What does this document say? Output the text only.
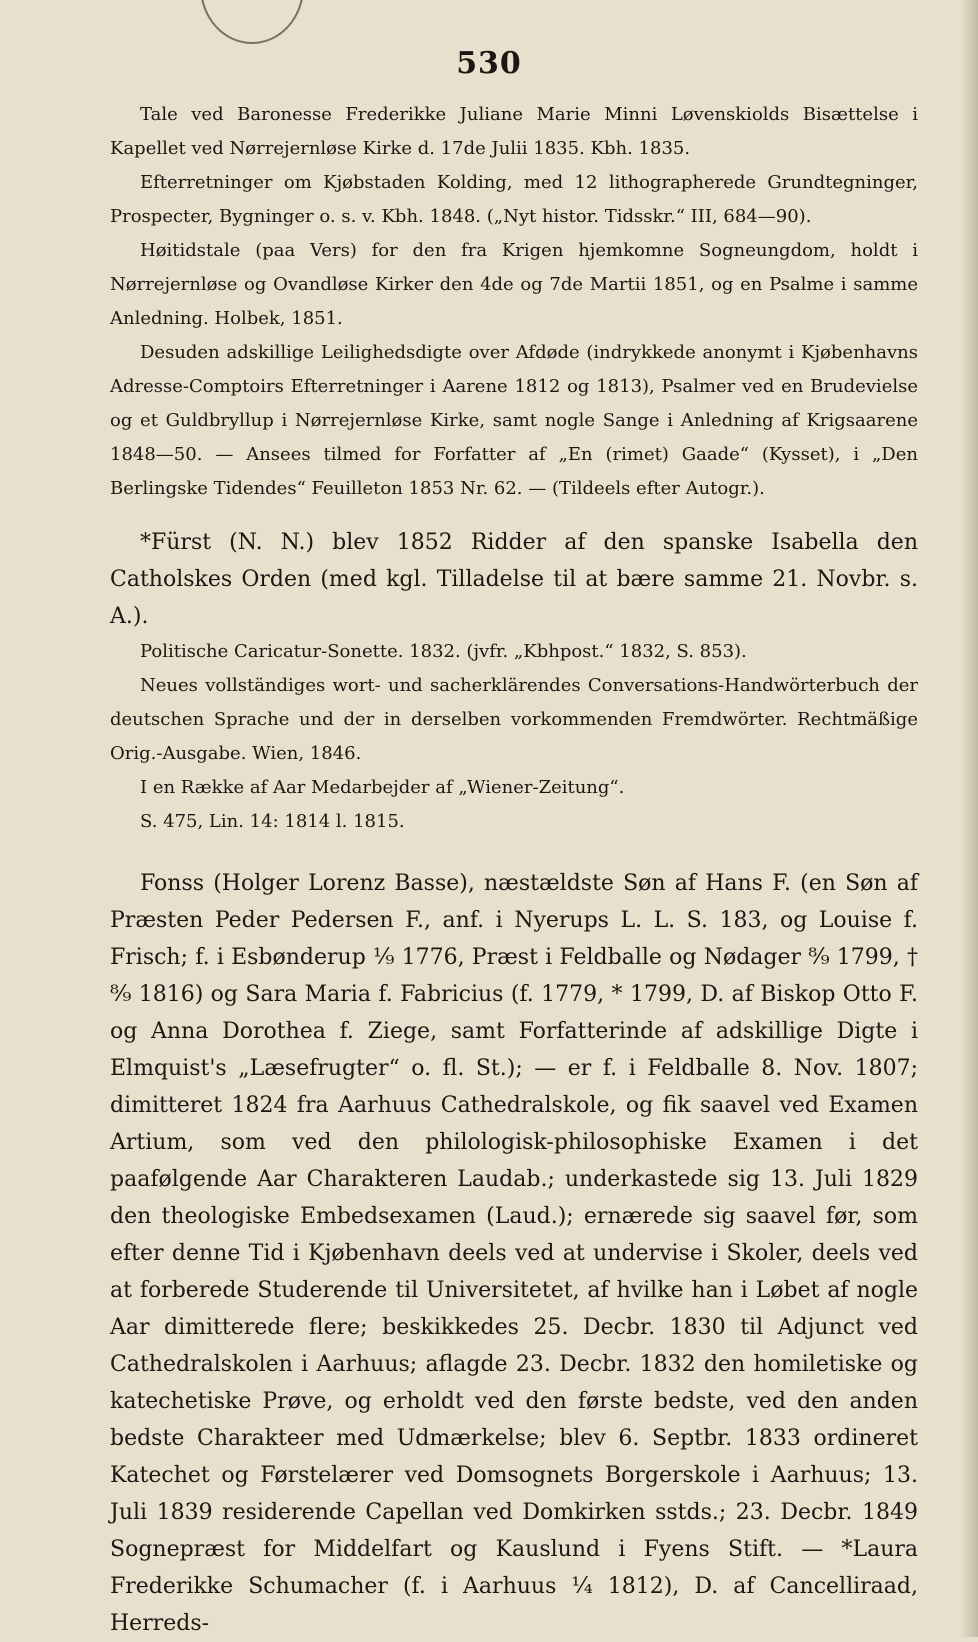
530

Tale ved Baronesse Frederikke Juliane Marie Minni Løvenskiolds Bisættelse i Kapellet ved Nørrejernløse Kirke d. 17de Julii 1835. Kbh. 1835.

Efterretninger om Kjøbstaden Kolding, med 12 lithographerede Grundtegninger, Prospecter, Bygninger o. s. v. Kbh. 1848. („Nyt histor. Tidsskr.“ III, 684—90).

Høitidstale (paa Vers) for den fra Krigen hjemkomne Sogneungdom, holdt i Nørrejernløse og Ovandløse Kirker den 4de og 7de Martii 1851, og en Psalme i samme Anledning. Holbek, 1851.

Desuden adskillige Leilighedsdigte over Afdøde (indrykkede anonymt i Kjøbenhavns Adresse-Comptoirs Efterretninger i Aarene 1812 og 1813), Psalmer ved en Brudevielse og et Guldbryllup i Nørrejernløse Kirke, samt nogle Sange i Anledning af Krigsaarene 1848—50. — Ansees tilmed for Forfatter af „En (rimet) Gaade“ (Kysset), i „Den Berlingske Tidendes“ Feuilleton 1853 Nr. 62. — (Tildeels efter Autogr.).

*Fürst (N. N.) blev 1852 Ridder af den spanske Isabella den Catholskes Orden (med kgl. Tilladelse til at bære samme 21. Novbr. s. A.).

Politische Caricatur-Sonette. 1832. (jvfr. „Kbhpost.“ 1832, S. 853).

Neues vollständiges wort- und sacherklärendes Conversations-Handwörterbuch der deutschen Sprache und der in derselben vorkommenden Fremdwörter. Rechtmäßige Orig.-Ausgabe. Wien, 1846.

I en Række af Aar Medarbejder af „Wiener-Zeitung“.

S. 475, Lin. 14: 1814 l. 1815.

Fonss (Holger Lorenz Basse), næstældste Søn af Hans F. (en Søn af Præsten Peder Pedersen F., anf. i Nyerups L. L. S. 183, og Louise f. Frisch; f. i Esbønderup ¹⁄₉ 1776, Præst i Feldballe og Nødager ⁸⁄₉ 1799, † ⁸⁄₉ 1816) og Sara Maria f. Fabricius (f. 1779, * 1799, D. af Biskop Otto F. og Anna Dorothea f. Ziege, samt Forfatterinde af adskillige Digte i Elmquist's „Læsefrugter“ o. fl. St.); — er f. i Feldballe 8. Nov. 1807; dimitteret 1824 fra Aarhuus Cathedralskole, og fik saavel ved Examen Artium, som ved den philologisk-philosophiske Examen i det paafølgende Aar Charakteren Laudab.; underkastede sig 13. Juli 1829 den theologiske Embedsexamen (Laud.); ernærede sig saavel før, som efter denne Tid i Kjøbenhavn deels ved at undervise i Skoler, deels ved at forberede Studerende til Universitetet, af hvilke han i Løbet af nogle Aar dimitterede flere; beskikkedes 25. Decbr. 1830 til Adjunct ved Cathedralskolen i Aarhuus; aflagde 23. Decbr. 1832 den homiletiske og katechetiske Prøve, og erholdt ved den første bedste, ved den anden bedste Charakteer med Udmærkelse; blev 6. Septbr. 1833 ordineret Katechet og Førstelærer ved Domsognets Borgerskole i Aarhuus; 13. Juli 1839 residerende Capellan ved Domkirken sstds.; 23. Decbr. 1849 Sognepræst for Middelfart og Kauslund i Fyens Stift. — *Laura Frederikke Schumacher (f. i Aarhuus ¹⁄₄ 1812), D. af Cancelliraad, Herreds-
